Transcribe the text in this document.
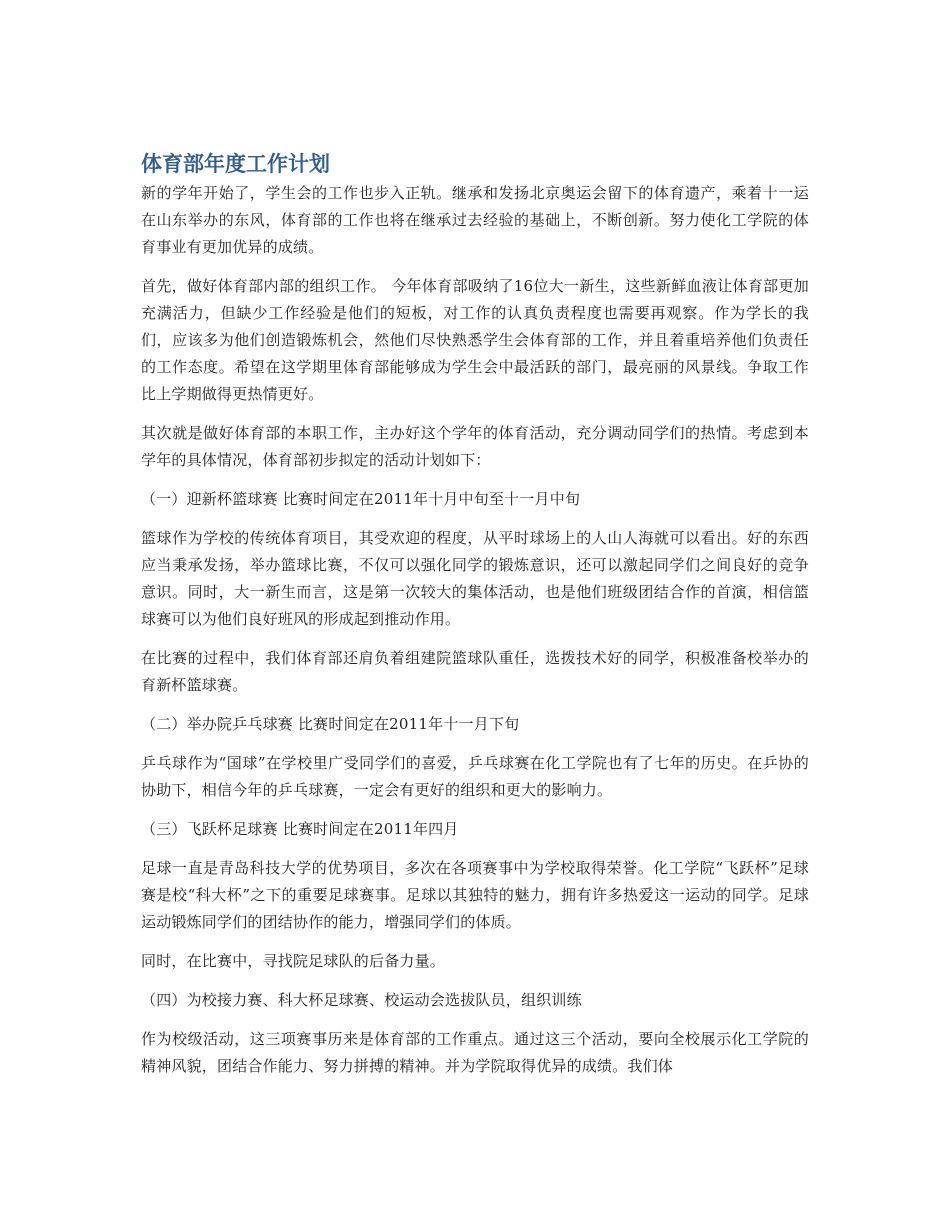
体育部年度工作计划

新的学年开始了，学生会的工作也步入正轨。继承和发扬北京奥运会留下的体育遗产，乘着十一运在山东举办的东风，体育部的工作也将在继承过去经验的基础上，不断创新。努力使化工学院的体育事业有更加优异的成绩。

首先，做好体育部内部的组织工作。 今年体育部吸纳了16位大一新生，这些新鲜血液让体育部更加充满活力，但缺少工作经验是他们的短板，对工作的认真负责程度也需要再观察。作为学长的我们，应该多为他们创造锻炼机会，然他们尽快熟悉学生会体育部的工作，并且着重培养他们负责任的工作态度。希望在这学期里体育部能够成为学生会中最活跃的部门，最亮丽的风景线。争取工作比上学期做得更热情更好。

其次就是做好体育部的本职工作，主办好这个学年的体育活动，充分调动同学们的热情。考虑到本学年的具体情况，体育部初步拟定的活动计划如下：

（一）迎新杯篮球赛 比赛时间定在2011年十月中旬至十一月中旬

篮球作为学校的传统体育项目，其受欢迎的程度，从平时球场上的人山人海就可以看出。好的东西应当秉承发扬，举办篮球比赛，不仅可以强化同学的锻炼意识，还可以激起同学们之间良好的竞争意识。同时，大一新生而言，这是第一次较大的集体活动，也是他们班级团结合作的首演，相信篮球赛可以为他们良好班风的形成起到推动作用。

在比赛的过程中，我们体育部还肩负着组建院篮球队重任，选拨技术好的同学，积极准备校举办的育新杯篮球赛。

（二）举办院乒乓球赛 比赛时间定在2011年十一月下旬

乒乓球作为“国球”在学校里广受同学们的喜爱，乒乓球赛在化工学院也有了七年的历史。在乒协的协助下，相信今年的乒乓球赛，一定会有更好的组织和更大的影响力。

（三）飞跃杯足球赛 比赛时间定在2011年四月

足球一直是青岛科技大学的优势项目，多次在各项赛事中为学校取得荣誉。化工学院“飞跃杯”足球赛是校“科大杯”之下的重要足球赛事。足球以其独特的魅力，拥有许多热爱这一运动的同学。足球运动锻炼同学们的团结协作的能力，增强同学们的体质。

同时，在比赛中，寻找院足球队的后备力量。

（四）为校接力赛、科大杯足球赛、校运动会选拔队员，组织训练

作为校级活动，这三项赛事历来是体育部的工作重点。通过这三个活动，要向全校展示化工学院的精神风貌，团结合作能力、努力拼搏的精神。并为学院取得优异的成绩。我们体
